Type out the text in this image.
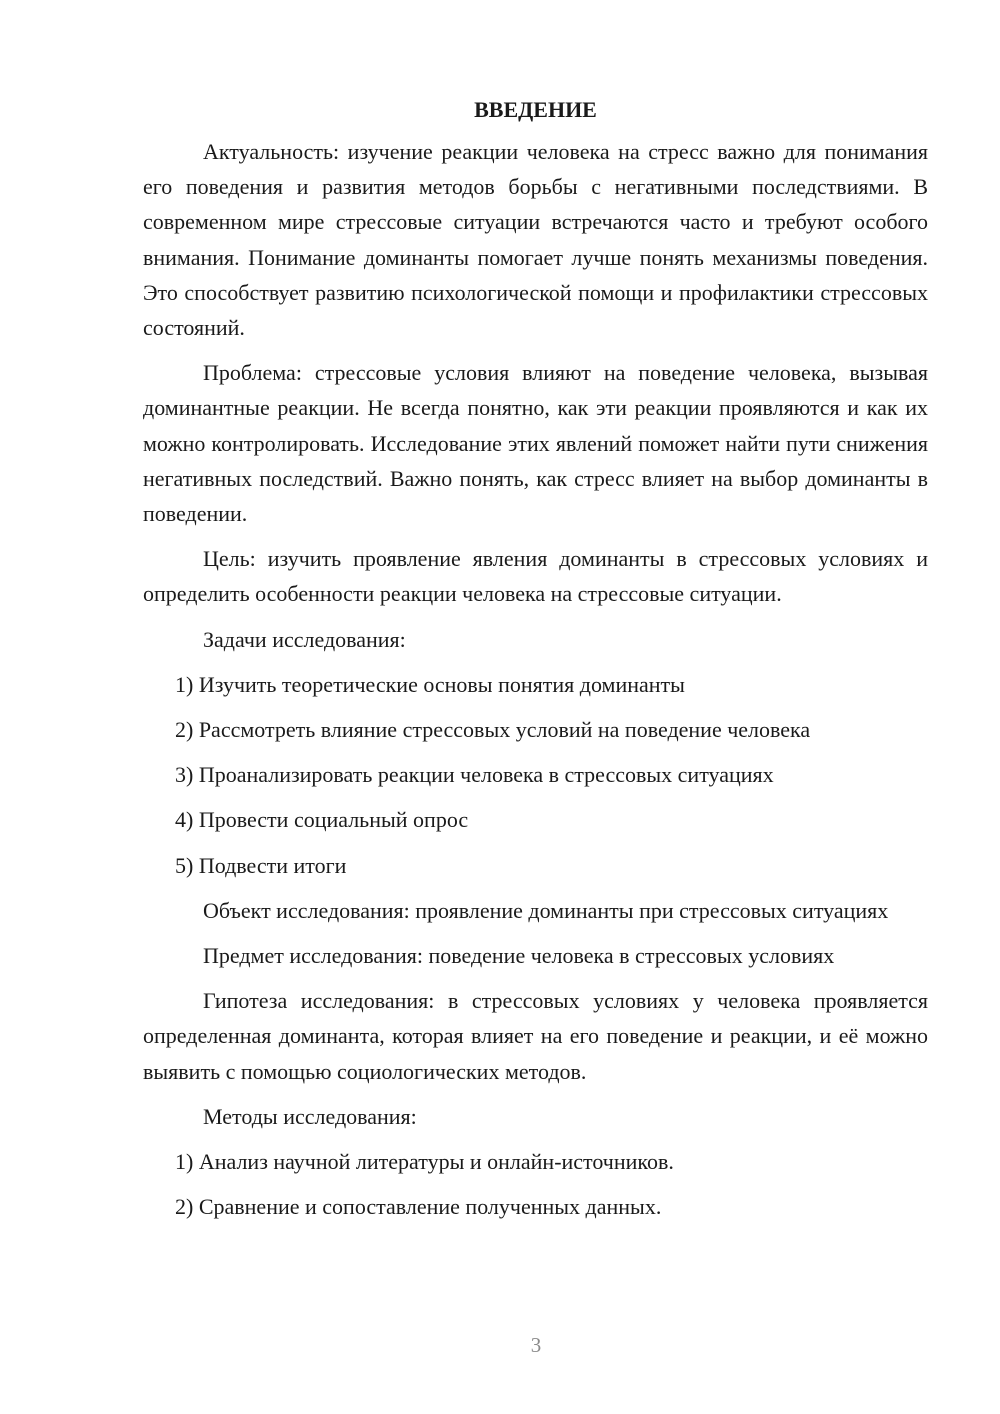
ВВЕДЕНИЕ

Актуальность: изучение реакции человека на стресс важно для понимания его поведения и развития методов борьбы с негативными последствиями. В современном мире стрессовые ситуации встречаются часто и требуют особого внимания. Понимание доминанты помогает лучше понять механизмы поведения. Это способствует развитию психологической помощи и профилактики стрессовых состояний.

Проблема: стрессовые условия влияют на поведение человека, вызывая доминантные реакции. Не всегда понятно, как эти реакции проявляются и как их можно контролировать. Исследование этих явлений поможет найти пути снижения негативных последствий. Важно понять, как стресс влияет на выбор доминанты в поведении.

Цель: изучить проявление явления доминанты в стрессовых условиях и определить особенности реакции человека на стрессовые ситуации.

Задачи исследования:

1) Изучить теоретические основы понятия доминанты

2) Рассмотреть влияние стрессовых условий на поведение человека

3) Проанализировать реакции человека в стрессовых ситуациях

4) Провести социальный опрос

5) Подвести итоги

Объект исследования: проявление доминанты при стрессовых ситуациях

Предмет исследования: поведение человека в стрессовых условиях

Гипотеза исследования: в стрессовых условиях у человека проявляется определенная доминанта, которая влияет на его поведение и реакции, и её можно выявить с помощью социологических методов.

Методы исследования:

1) Анализ научной литературы и онлайн-источников.

2) Сравнение и сопоставление полученных данных.

3
